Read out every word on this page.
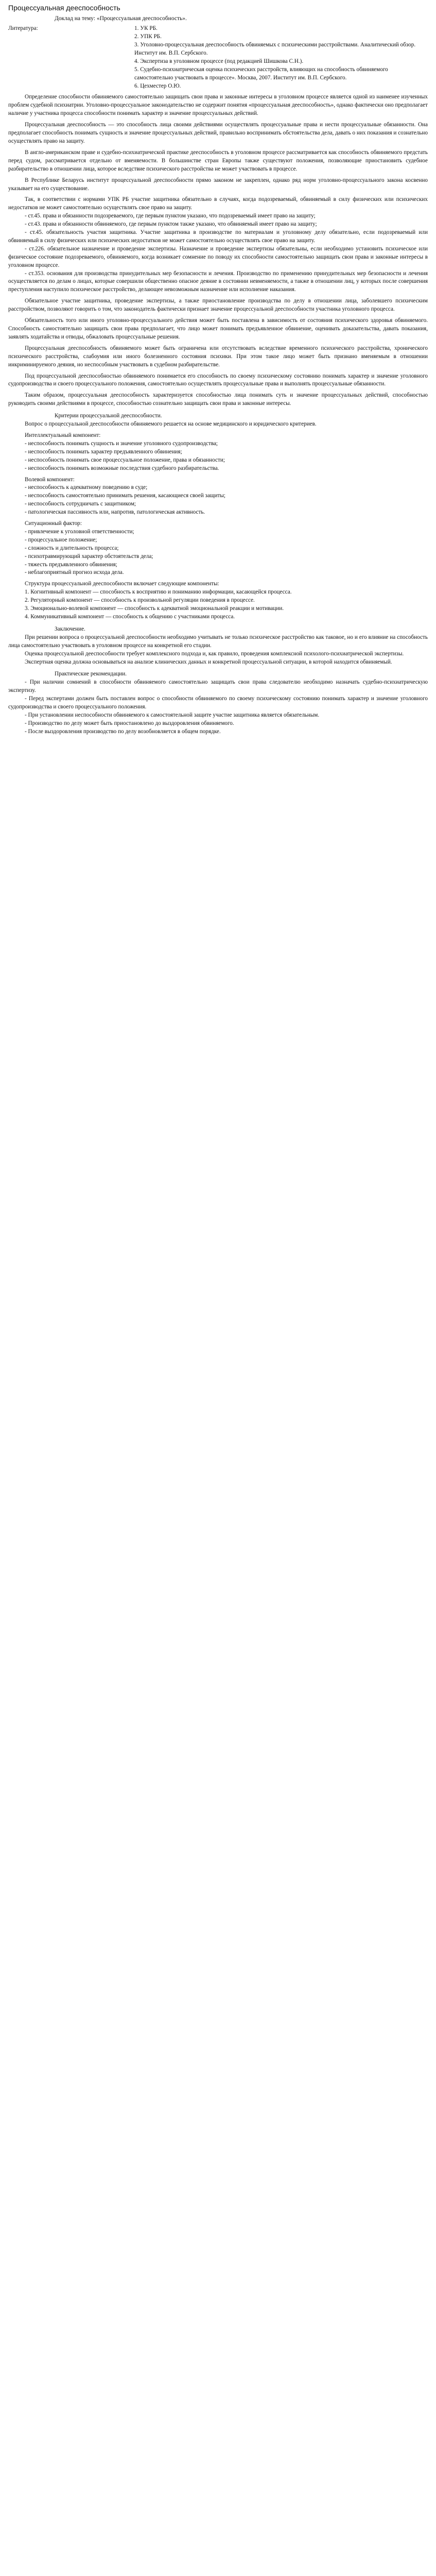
Процессуальная дееспособность
Доклад на тему: «Процессуальная дееспособность».
Литература:	1. УК РБ.
2. УПК РБ.
3. Уголовно-процессуальная дееспособность обвиняемых с психическими расстройствами. Аналитический обзор. Институт им. В.П. Сербского.
4. Экспертиза в уголовном процессе (под редакцией Шишкова С.Н.).
5. Судебно-психиатрическая оценка психических расстройств, влияющих на способность обвиняемого самостоятельно участвовать в процессе». Москва, 2007. Институт им. В.П. Сербского.
6. Цехместер О.Ю.

Определение способности обвиняемого самостоятельно защищать свои права и законные интересы в уголовном процессе является одной из наименее изученных проблем судебной психиатрии. Уголовно-процессуальное законодательство не содержит понятия «процессуальная дееспособность», однако фактически оно предполагает наличие у участника процесса способности понимать характер и значение процессуальных действий.

Процессуальная дееспособность — это способность лица своими действиями осуществлять процессуальные права и нести процессуальные обязанности. Она предполагает способность понимать сущность и значение процессуальных действий, правильно воспринимать обстоятельства дела, давать о них показания и сознательно осуществлять право на защиту.

В англо-американском праве и судебно-психиатрической практике дееспособность в уголовном процессе рассматривается как способность обвиняемого предстать перед судом, рассматривается отдельно от вменяемости. В большинстве стран Европы также существуют положения, позволяющие приостановить судебное разбирательство в отношении лица, которое вследствие психического расстройства не может участвовать в процессе.

В Республике Беларусь институт процессуальной дееспособности прямо законом не закреплен, однако ряд норм уголовно-процессуального закона косвенно указывает на его существование.

Так, в соответствии с нормами УПК РБ участие защитника обязательно в случаях, когда подозреваемый, обвиняемый в силу физических или психических недостатков не может самостоятельно осуществлять свое право на защиту.

- ст.45. права и обязанности подозреваемого, где первым пунктом указано, что подозреваемый имеет право на защиту;

- ст.43. права и обязанности обвиняемого, где первым пунктом также указано, что обвиняемый имеет право на защиту;

- ст.45. обязательность участия защитника. Участие защитника в производстве по материалам и уголовному делу обязательно, если подозреваемый или обвиняемый в силу физических или психических недостатков не может самостоятельно осуществлять свое право на защиту.

- ст.226. обязательное назначение и проведение экспертизы. Назначение и проведение экспертизы обязательны, если необходимо установить психическое или физическое состояние подозреваемого, обвиняемого, когда возникает сомнение по поводу их способности самостоятельно защищать свои права и законные интересы в уголовном процессе.

- ст.353. основания для производства принудительных мер безопасности и лечения. Производство по применению принудительных мер безопасности и лечения осуществляется по делам о лицах, которые совершили общественно опасное деяние в состоянии невменяемости, а также в отношении лиц, у которых после совершения преступления наступило психическое расстройство, делающее невозможным назначение или исполнение наказания.

Обязательное участие защитника, проведение экспертизы, а также приостановление производства по делу в отношении лица, заболевшего психическим расстройством, позволяют говорить о том, что законодатель фактически признает значение процессуальной дееспособности участника уголовного процесса.

Обязательность того или иного уголовно-процессуального действия может быть поставлена в зависимость от состояния психического здоровья обвиняемого. Способность самостоятельно защищать свои права предполагает, что лицо может понимать предъявленное обвинение, оценивать доказательства, давать показания, заявлять ходатайства и отводы, обжаловать процессуальные решения.

Процессуальная дееспособность обвиняемого может быть ограничена или отсутствовать вследствие временного психического расстройства, хронического психического расстройства, слабоумия или иного болезненного состояния психики. При этом такое лицо может быть признано вменяемым в отношении инкриминируемого деяния, но неспособным участвовать в судебном разбирательстве.

Под процессуальной дееспособностью обвиняемого понимается его способность по своему психическому состоянию понимать характер и значение уголовного судопроизводства и своего процессуального положения, самостоятельно осуществлять процессуальные права и выполнять процессуальные обязанности.

Таким образом, процессуальная дееспособность характеризуется способностью лица понимать суть и значение процессуальных действий, способностью руководить своими действиями в процессе, способностью сознательно защищать свои права и законные интересы.

Критерии процессуальной дееспособности.

Вопрос о процессуальной дееспособности обвиняемого решается на основе медицинского и юридического критериев.

Интеллектуальный компонент:

- неспособность понимать сущность и значение уголовного судопроизводства;
- неспособность понимать характер предъявленного обвинения;
- неспособность понимать свое процессуальное положение, права и обязанности;
- неспособность понимать возможные последствия судебного разбирательства.

Волевой компонент:

- неспособность к адекватному поведению в суде;
- неспособность самостоятельно принимать решения, касающиеся своей защиты;
- неспособность сотрудничать с защитником;
- патологическая пассивность или, напротив, патологическая активность.

Ситуационный фактор:

- привлечение к уголовной ответственности;
- процессуальное положение;
- сложность и длительность процесса;
- психотравмирующий характер обстоятельств дела;
- тяжесть предъявленного обвинения;
- неблагоприятный прогноз исхода дела.

Структура процессуальной дееспособности включает следующие компоненты:

1. Когнитивный компонент — способность к восприятию и пониманию информации, касающейся процесса.
2. Регуляторный компонент — способность к произвольной регуляции поведения в процессе.
3. Эмоционально-волевой компонент — способность к адекватной эмоциональной реакции и мотивации.
4. Коммуникативный компонент — способность к общению с участниками процесса.
Заключение.

При решении вопроса о процессуальной дееспособности необходимо учитывать не только психическое расстройство как таковое, но и его влияние на способность лица самостоятельно участвовать в уголовном процессе на конкретной его стадии.

Оценка процессуальной дееспособности требует комплексного подхода и, как правило, проведения комплексной психолого-психиатрической экспертизы.

Экспертная оценка должна основываться на анализе клинических данных и конкретной процессуальной ситуации, в которой находится обвиняемый.

Практические рекомендации.
- При наличии сомнений в способности обвиняемого самостоятельно защищать свои права следователю необходимо назначать судебно-психиатрическую экспертизу.
- Перед экспертами должен быть поставлен вопрос о способности обвиняемого по своему психическому состоянию понимать характер и значение уголовного судопроизводства и своего процессуального положения.
- При установлении неспособности обвиняемого к самостоятельной защите участие защитника является обязательным.
- Производство по делу может быть приостановлено до выздоровления обвиняемого.
- После выздоровления производство по делу возобновляется в общем порядке.
